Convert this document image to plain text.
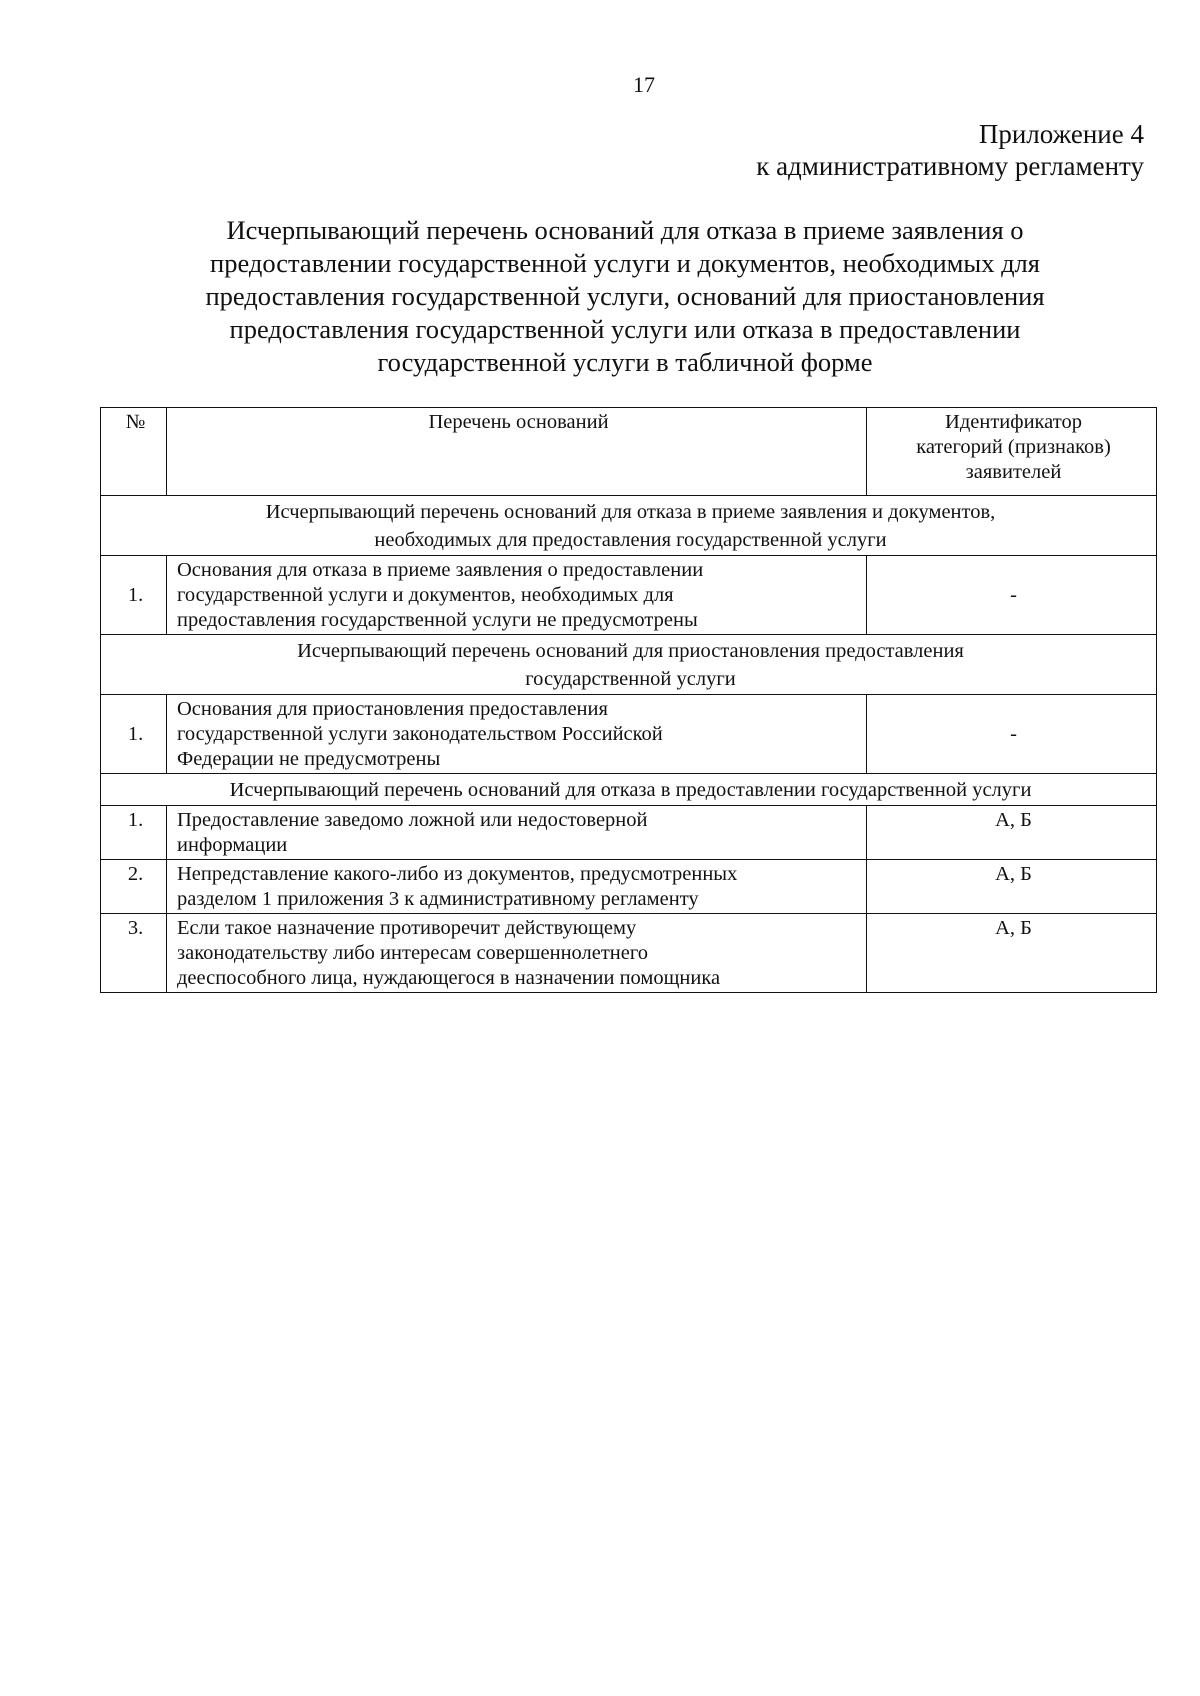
17
Приложение 4
к административному регламенту
Исчерпывающий перечень оснований для отказа в приеме заявления о
предоставлении государственной услуги и документов, необходимых для
предоставления государственной услуги, оснований для приостановления
предоставления государственной услуги или отказа в предоставлении
государственной услуги в табличной форме
№	Перечень оснований	Идентификатор
категорий (признаков)
заявителей

Исчерпывающий перечень оснований для отказа в приеме заявления и документов,
необходимых для предоставления государственной услуги		

1.	Основания для отказа в приеме заявления о предоставлении
государственной услуги и документов, необходимых для
предоставления государственной услуги не предусмотрены	-

Исчерпывающий перечень оснований для приостановления предоставления
государственной услуги		

1.	Основания для приостановления предоставления
государственной услуги законодательством Российской
Федерации не предусмотрены	-

Исчерпывающий перечень оснований для отказа в предоставлении государственной услуги		

1.	Предоставление заведомо ложной или недостоверной
информации	А, Б
2.	Непредставление какого-либо из документов, предусмотренных
разделом 1 приложения 3 к административному регламенту	А, Б
3.	Если такое назначение противоречит действующему
законодательству либо интересам совершеннолетнего
дееспособного лица, нуждающегося в назначении помощника	А, Б
